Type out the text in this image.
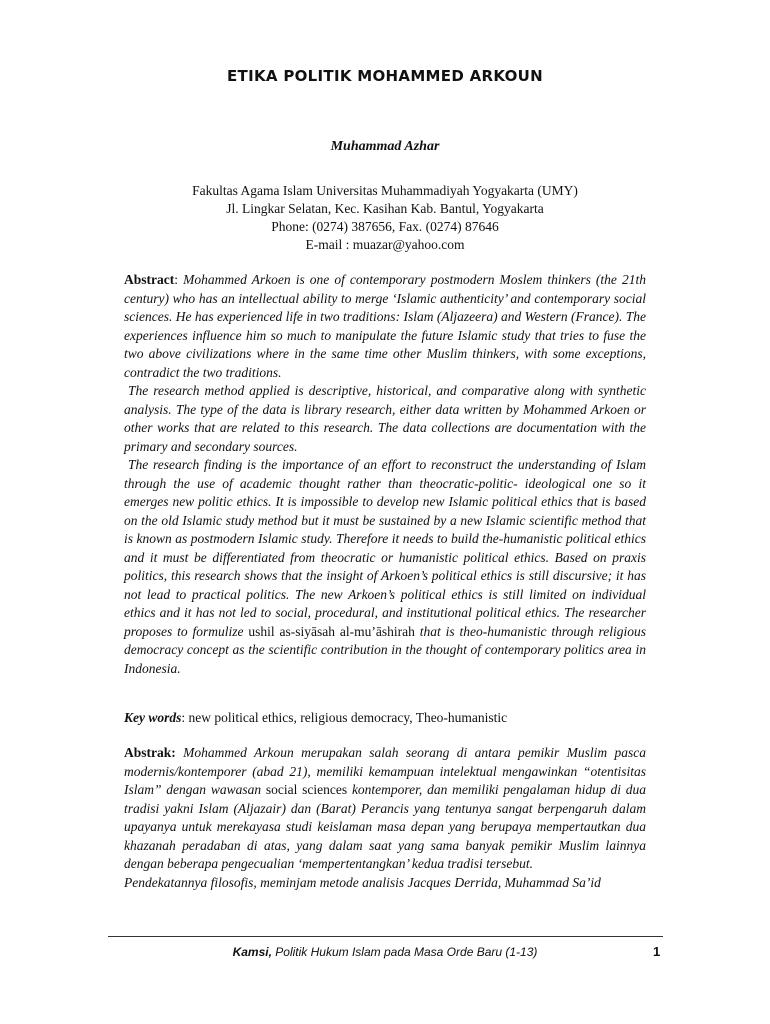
ETIKA POLITIK MOHAMMED ARKOUN
Muhammad Azhar
Fakultas Agama Islam Universitas Muhammadiyah Yogyakarta (UMY)
Jl. Lingkar Selatan, Kec. Kasihan Kab. Bantul, Yogyakarta
Phone: (0274) 387656, Fax. (0274) 87646
E-mail : muazar@yahoo.com

Abstract: Mohammed Arkoen is one of contemporary postmodern Moslem thinkers (the 21th century) who has an intellectual ability to merge ‘Islamic authenticity’ and contemporary social sciences. He has experienced life in two traditions: Islam (Aljazeera) and Western (France). The experiences influence him so much to manipulate the future Islamic study that tries to fuse the two above civilizations where in the same time other Muslim thinkers, with some exceptions, contradict the two traditions.

The research method applied is descriptive, historical, and comparative along with synthetic analysis. The type of the data is library research, either data written by Mohammed Arkoen or other works that are related to this research. The data collections are documentation with the primary and secondary sources.

The research finding is the importance of an effort to reconstruct the understanding of Islam through the use of academic thought rather than theocratic-politic- ideological one so it emerges new politic ethics. It is impossible to develop new Islamic political ethics that is based on the old Islamic study method but it must be sustained by a new Islamic scientific method that is known as postmodern Islamic study. Therefore it needs to build the-humanistic political ethics and it must be differentiated from theocratic or humanistic political ethics. Based on praxis politics, this research shows that the insight of Arkoen’s political ethics is still discursive; it has not lead to practical politics. The new Arkoen’s political ethics is still limited on individual ethics and it has not led to social, procedural, and institutional political ethics. The researcher proposes to formulize ushil as-siyāsah al-mu’āshirah that is theo-humanistic through religious democracy concept as the scientific contribution in the thought of contemporary politics area in Indonesia.

Key words: new political ethics, religious democracy, Theo-humanistic

Abstrak: Mohammed Arkoun merupakan salah seorang di antara pemikir Muslim pasca modernis/kontemporer (abad 21), memiliki kemampuan intelektual mengawinkan “otentisitas Islam” dengan wawasan social sciences kontemporer, dan memiliki pengalaman hidup di dua tradisi yakni Islam (Aljazair) dan (Barat) Perancis yang tentunya sangat berpengaruh dalam upayanya untuk merekayasa studi keislaman masa depan yang berupaya mempertautkan dua khazanah peradaban di atas, yang dalam saat yang sama banyak pemikir Muslim lainnya dengan beberapa pengecualian ‘mempertentangkan’ kedua tradisi tersebut.

Pendekatannya filosofis, meminjam metode analisis Jacques Derrida, Muhammad Sa’id

Kamsi, Politik Hukum Islam pada Masa Orde Baru (1-13)	1
